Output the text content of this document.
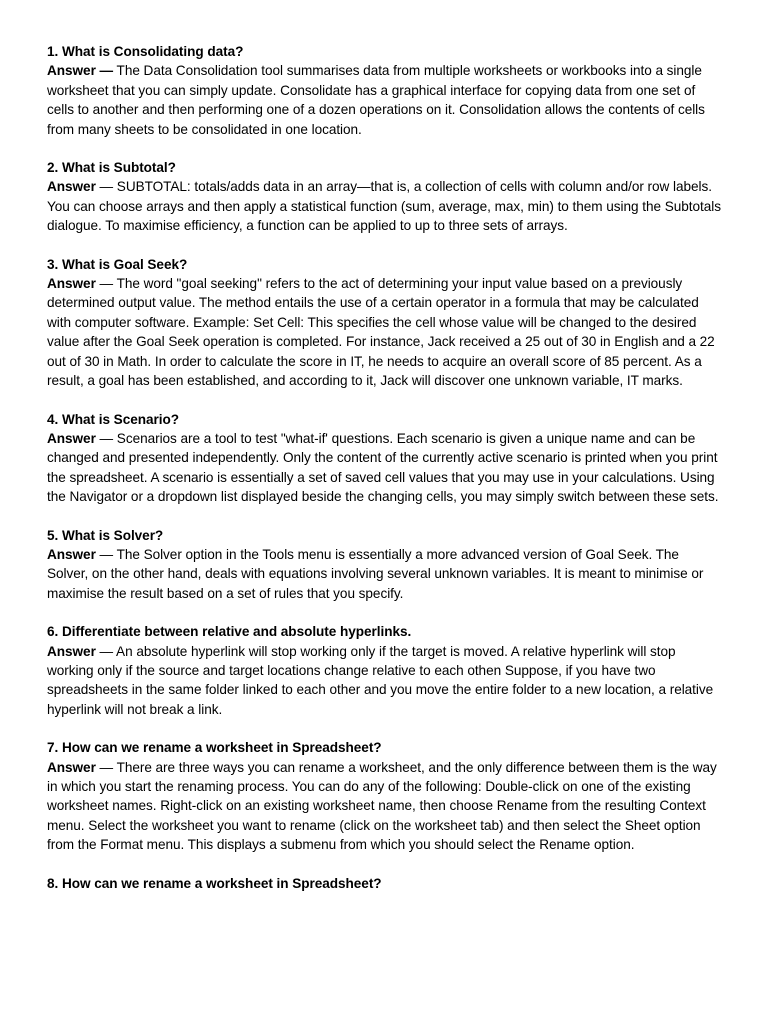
1. What is Consolidating data?
Answer — The Data Consolidation tool summarises data from multiple worksheets or workbooks into a single worksheet that you can simply update. Consolidate has a graphical interface for copying data from one set of cells to another and then performing one of a dozen operations on it. Consolidation allows the contents of cells from many sheets to be consolidated in one location.
2. What is Subtotal?
Answer — SUBTOTAL: totals/adds data in an array—that is, a collection of cells with column and/or row labels. You can choose arrays and then apply a statistical function (sum, average, max, min) to them using the Subtotals dialogue. To maximise efficiency, a function can be applied to up to three sets of arrays.
3. What is Goal Seek?
Answer — The word "goal seeking" refers to the act of determining your input value based on a previously determined output value. The method entails the use of a certain operator in a formula that may be calculated with computer software. Example: Set Cell: This specifies the cell whose value will be changed to the desired value after the Goal Seek operation is completed. For instance, Jack received a 25 out of 30 in English and a 22 out of 30 in Math. In order to calculate the score in IT, he needs to acquire an overall score of 85 percent. As a result, a goal has been established, and according to it, Jack will discover one unknown variable, IT marks.
4. What is Scenario?
Answer — Scenarios are a tool to test "what-if' questions. Each scenario is given a unique name and can be changed and presented independently. Only the content of the currently active scenario is printed when you print the spreadsheet. A scenario is essentially a set of saved cell values that you may use in your calculations. Using the Navigator or a dropdown list displayed beside the changing cells, you may simply switch between these sets.
5. What is Solver?
Answer — The Solver option in the Tools menu is essentially a more advanced version of Goal Seek. The Solver, on the other hand, deals with equations involving several unknown variables. It is meant to minimise or maximise the result based on a set of rules that you specify.
6. Differentiate between relative and absolute hyperlinks.
Answer — An absolute hyperlink will stop working only if the target is moved. A relative hyperlink will stop working only if the source and target locations change relative to each othen Suppose, if you have two spreadsheets in the same folder linked to each other and you move the entire folder to a new location, a relative hyperlink will not break a link.
7. How can we rename a worksheet in Spreadsheet?
Answer — There are three ways you can rename a worksheet, and the only difference between them is the way in which you start the renaming process. You can do any of the following: Double-click on one of the existing worksheet names. Right-click on an existing worksheet name, then choose Rename from the resulting Context menu. Select the worksheet you want to rename (click on the worksheet tab) and then select the Sheet option from the Format menu. This displays a submenu from which you should select the Rename option.
8. How can we rename a worksheet in Spreadsheet?
